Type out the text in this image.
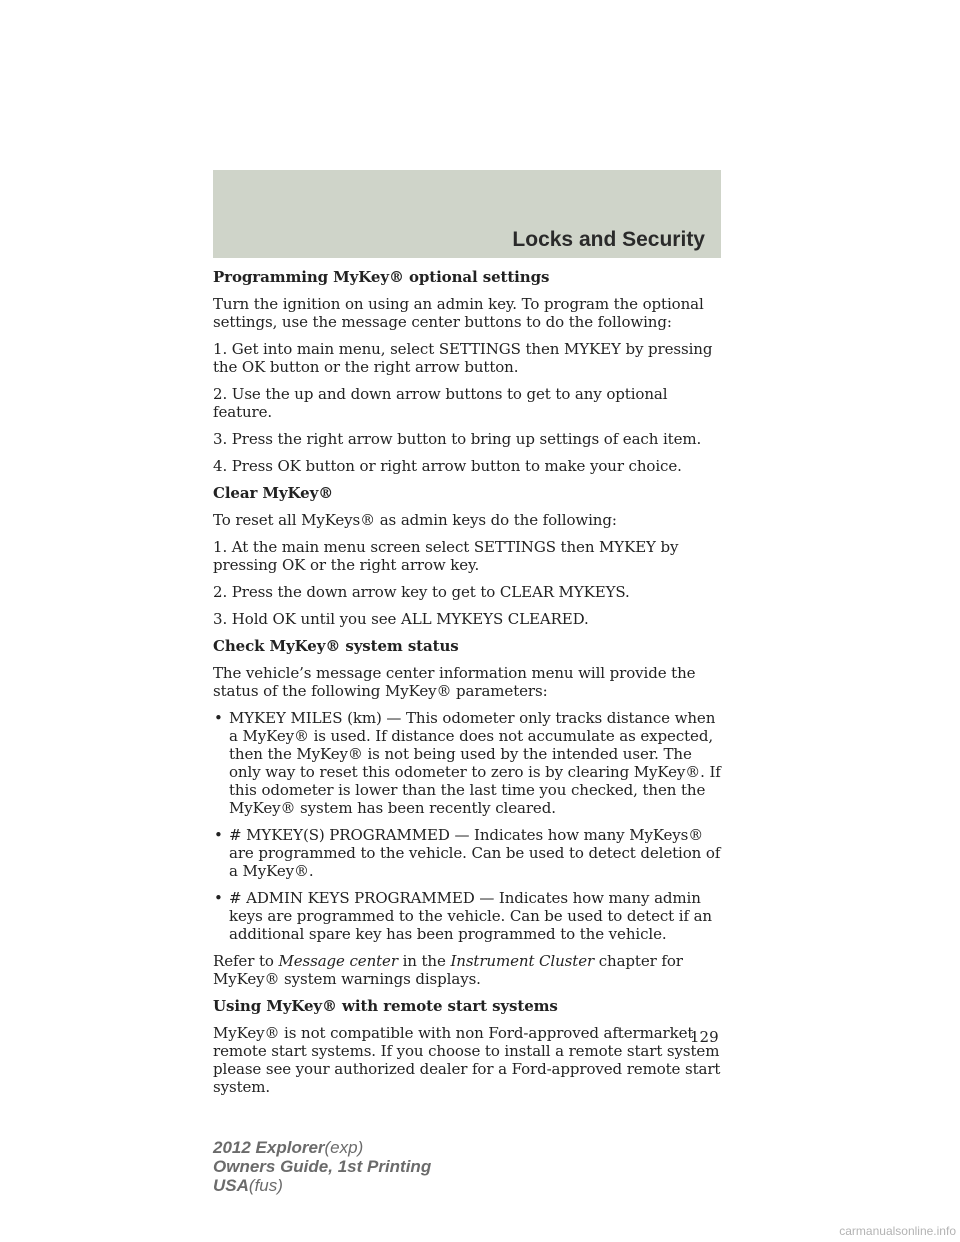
Locks and Security
Programming MyKey® optional settings

Turn the ignition on using an admin key. To program the optional settings, use the message center buttons to do the following:

1. Get into main menu, select SETTINGS then MYKEY by pressing the OK button or the right arrow button.

2. Use the up and down arrow buttons to get to any optional feature.

3. Press the right arrow button to bring up settings of each item.

4. Press OK button or right arrow button to make your choice.

Clear MyKey®

To reset all MyKeys® as admin keys do the following:

1. At the main menu screen select SETTINGS then MYKEY by pressing OK or the right arrow key.

2. Press the down arrow key to get to CLEAR MYKEYS.

3. Hold OK until you see ALL MYKEYS CLEARED.

Check MyKey® system status

The vehicle’s message center information menu will provide the status of the following MyKey® parameters:

• MYKEY MILES (km) — This odometer only tracks distance when a MyKey® is used. If distance does not accumulate as expected, then the MyKey® is not being used by the intended user. The only way to reset this odometer to zero is by clearing MyKey®. If this odometer is lower than the last time you checked, then the MyKey® system has been recently cleared.
• # MYKEY(S) PROGRAMMED — Indicates how many MyKeys® are programmed to the vehicle. Can be used to detect deletion of a MyKey®.
• # ADMIN KEYS PROGRAMMED — Indicates how many admin keys are programmed to the vehicle. Can be used to detect if an additional spare key has been programmed to the vehicle.

Refer to Message center in the Instrument Cluster chapter for MyKey® system warnings displays.

Using MyKey® with remote start systems

MyKey® is not compatible with non Ford-approved aftermarket remote start systems. If you choose to install a remote start system please see your authorized dealer for a Ford-approved remote start system.

129
2012 Explorer(exp)
Owners Guide, 1st Printing
USA(fus)
carmanualsonline.info
